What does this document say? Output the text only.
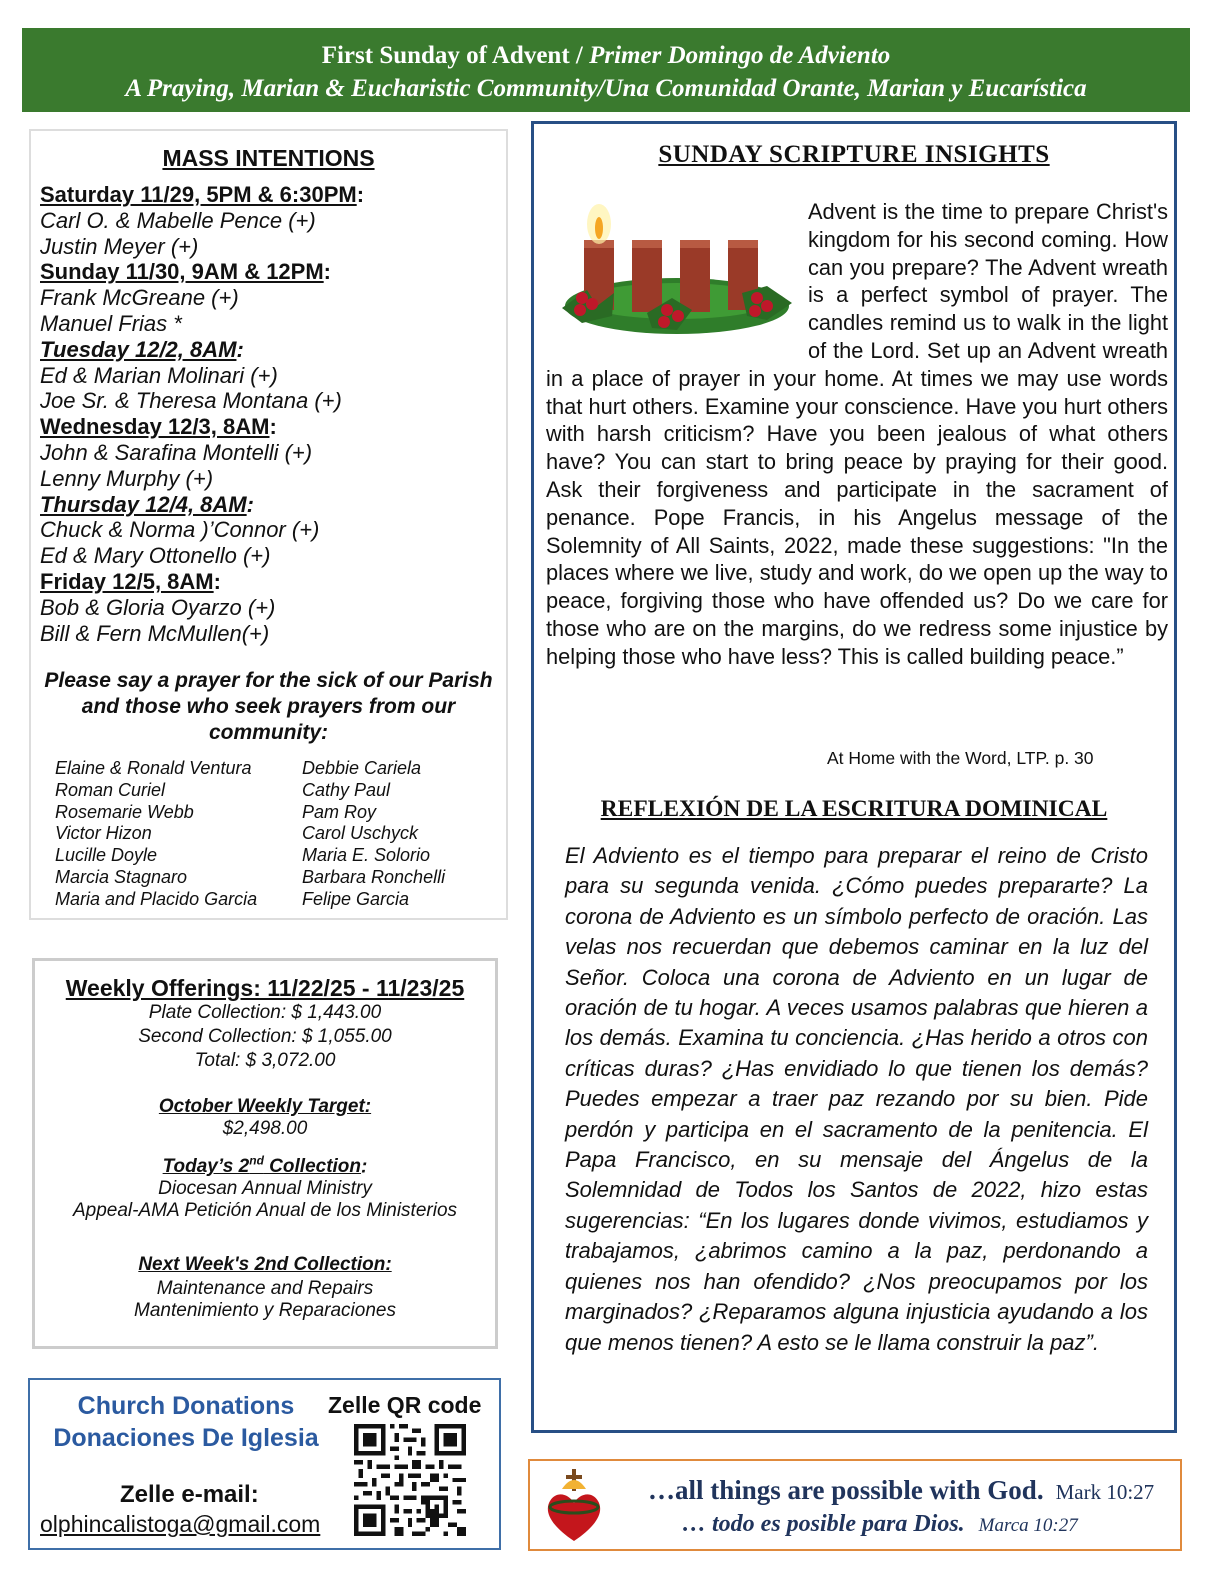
First Sunday of Advent / Primer Domingo de Adviento
A Praying, Marian & Eucharistic Community/Una Comunidad Orante, Marian y Eucarística
MASS INTENTIONS
Saturday 11/29, 5PM & 6:30PM:
Carl O. & Mabelle Pence (+)
Justin Meyer (+)
Sunday 11/30, 9AM & 12PM:
Frank McGreane (+)
Manuel Frias *
Tuesday 12/2, 8AM:
Ed & Marian Molinari (+)
Joe Sr. & Theresa Montana (+)
Wednesday 12/3, 8AM:
John & Sarafina Montelli (+)
Lenny Murphy (+)
Thursday 12/4, 8AM:
Chuck & Norma )’Connor (+)
Ed & Mary Ottonello (+)
Friday 12/5, 8AM:
Bob & Gloria Oyarzo (+)
Bill & Fern McMullen(+)
Please say a prayer for the sick of our Parish and those who seek prayers from our community:
Elaine & Ronald Ventura
Roman Curiel
Rosemarie Webb
Victor Hizon
Lucille Doyle
Marcia Stagnaro
Maria and Placido Garcia
Debbie Cariela
Cathy Paul
Pam Roy
Carol Uschyck
Maria E. Solorio
Barbara Ronchelli
Felipe Garcia
Weekly Offerings: 11/22/25 - 11/23/25
Plate Collection: $ 1,443.00
Second Collection: $ 1,055.00
Total: $ 3,072.00
October Weekly Target:
$2,498.00
Today’s 2nd Collection:
Diocesan Annual Ministry
Appeal-AMA Petición Anual de los Ministerios
Next Week's 2nd Collection:
Maintenance and Repairs
Mantenimiento y Reparaciones
Church Donations
Donaciones De Iglesia
Zelle QR code
Zelle e-mail:
olphincalistoga@gmail.com
SUNDAY SCRIPTURE INSIGHTS
Advent is the time to prepare Christ's kingdom for his second coming. How can you prepare? The Advent wreath is a perfect symbol of prayer. The candles remind us to walk in the light of the Lord. Set up an Advent wreath in a place of prayer in your home. At times we may use words that hurt others. Examine your conscience. Have you hurt others with harsh criticism? Have you been jealous of what others have? You can start to bring peace by praying for their good. Ask their forgiveness and participate in the sacrament of penance. Pope Francis, in his Angelus message of the Solemnity of All Saints, 2022, made these suggestions: "In the places where we live, study and work, do we open up the way to peace, forgiving those who have offended us? Do we care for those who are on the margins, do we redress some injustice by helping those who have less? This is called building peace.”
At Home with the Word, LTP. p. 30
REFLEXIÓN DE LA ESCRITURA DOMINICAL
El Adviento es el tiempo para preparar el reino de Cristo para su segunda venida. ¿Cómo puedes prepararte? La corona de Adviento es un símbolo perfecto de oración. Las velas nos recuerdan que debemos caminar en la luz del Señor. Coloca una corona de Adviento en un lugar de oración de tu hogar. A veces usamos palabras que hieren a los demás. Examina tu conciencia. ¿Has herido a otros con críticas duras? ¿Has envidiado lo que tienen los demás? Puedes empezar a traer paz rezando por su bien. Pide perdón y participa en el sacramento de la penitencia. El Papa Francisco, en su mensaje del Ángelus de la Solemnidad de Todos los Santos de 2022, hizo estas sugerencias: “En los lugares donde vivimos, estudiamos y trabajamos, ¿abrimos camino a la paz, perdonando a quienes nos han ofendido? ¿Nos preocupamos por los marginados? ¿Reparamos alguna injusticia ayudando a los que menos tienen? A esto se le llama construir la paz”.
…all things are possible with God. Mark 10:27
… todo es posible para Dios. Marca 10:27
